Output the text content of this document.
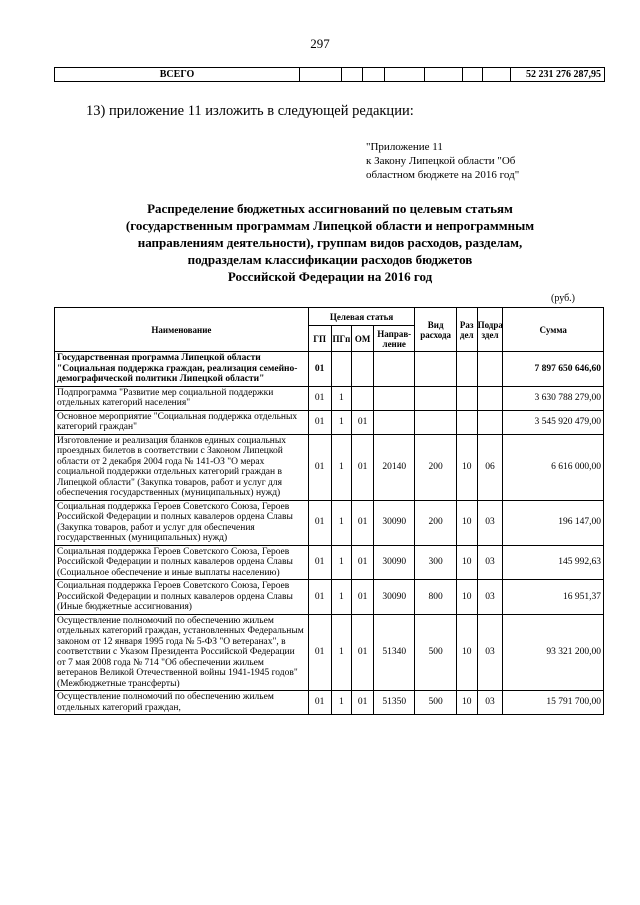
297
ВСЕГО								52 231 276 287,95
13) приложение 11 изложить в следующей редакции:
"Приложение 11
к Закону Липецкой области "Об
областном бюджете на 2016 год"
Распределение бюджетных ассигнований по целевым статьям
(государственным программам Липецкой области и непрограммным
направлениям деятельности), группам видов расходов, разделам,
подразделам классификации расходов бюджетов
Российской Федерации на 2016 год
(руб.)
Наименование	Целевая статья				Вид расхода	Раз дел	Подра здел	Сумма
	ГП	ПГп	ОМ	Направ-ление				
Государственная программа Липецкой области "Социальная поддержка граждан, реализация семейно-демографической политики Липецкой области"	01							7 897 650 646,60
Подпрограмма "Развитие мер социальной поддержки отдельных категорий населения"	01	1						3 630 788 279,00
Основное мероприятие "Социальная поддержка отдельных категорий граждан"	01	1	01					3 545 920 479,00
Изготовление и реализация бланков единых социальных проездных билетов в соответствии с Законом Липецкой области от 2 декабря 2004 года № 141-ОЗ "О мерах социальной поддержки отдельных категорий граждан в Липецкой области" (Закупка товаров, работ и услуг для обеспечения государственных (муниципальных) нужд)	01	1	01	20140	200	10	06	6 616 000,00
Социальная поддержка Героев Советского Союза, Героев Российской Федерации и полных кавалеров ордена Славы (Закупка товаров, работ и услуг для обеспечения государственных (муниципальных) нужд)	01	1	01	30090	200	10	03	196 147,00
Социальная поддержка Героев Советского Союза, Героев Российской Федерации и полных кавалеров ордена Славы (Социальное обеспечение и иные выплаты населению)	01	1	01	30090	300	10	03	145 992,63
Социальная поддержка Героев Советского Союза, Героев Российской Федерации и полных кавалеров ордена Славы (Иные бюджетные ассигнования)	01	1	01	30090	800	10	03	16 951,37
Осуществление полномочий по обеспечению жильем отдельных категорий граждан, установленных Федеральным законом от 12 января 1995 года № 5-ФЗ "О ветеранах", в соответствии с Указом Президента Российской Федерации от 7 мая 2008 года № 714 "Об обеспечении жильем ветеранов Великой Отечественной войны 1941-1945 годов" (Межбюджетные трансферты)	01	1	01	51340	500	10	03	93 321 200,00
Осуществление полномочий по обеспечению жильем отдельных категорий граждан,	01	1	01	51350	500	10	03	15 791 700,00
